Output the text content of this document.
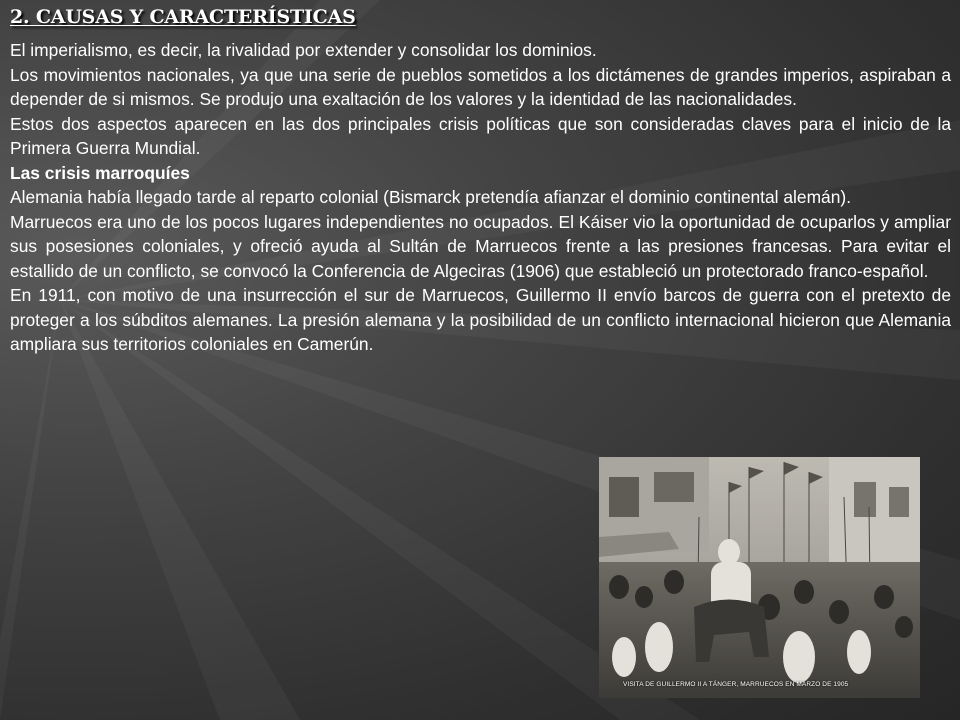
2. CAUSAS Y CARACTERÍSTICAS

El imperialismo, es decir, la rivalidad por extender y consolidar los dominios.

Los movimientos nacionales, ya que una serie de pueblos sometidos a los dictámenes de grandes imperios, aspiraban a depender de si mismos. Se produjo una exaltación de los valores y la identidad de las nacionalidades.

Estos dos aspectos aparecen en las dos principales crisis políticas que son consideradas claves para el inicio de la Primera Guerra Mundial.

Las crisis marroquíes

Alemania había llegado tarde al reparto colonial (Bismarck pretendía afianzar el dominio continental alemán).

Marruecos era uno de los pocos lugares independientes no ocupados. El Káiser vio la oportunidad de ocuparlos y ampliar sus posesiones coloniales, y ofreció ayuda al Sultán de Marruecos frente a las presiones francesas. Para evitar el estallido de un conflicto, se convocó la Conferencia de Algeciras (1906) que estableció un protectorado franco-español.

En 1911, con motivo de una insurrección el sur de Marruecos, Guillermo II envío barcos de guerra con el pretexto de proteger a los súbditos alemanes. La presión alemana y la posibilidad de un conflicto internacional hicieron que Alemania ampliara sus territorios coloniales en Camerún.

VISITA DE GUILLERMO II A TÁNGER, MARRUECOS EN MARZO DE 1905
